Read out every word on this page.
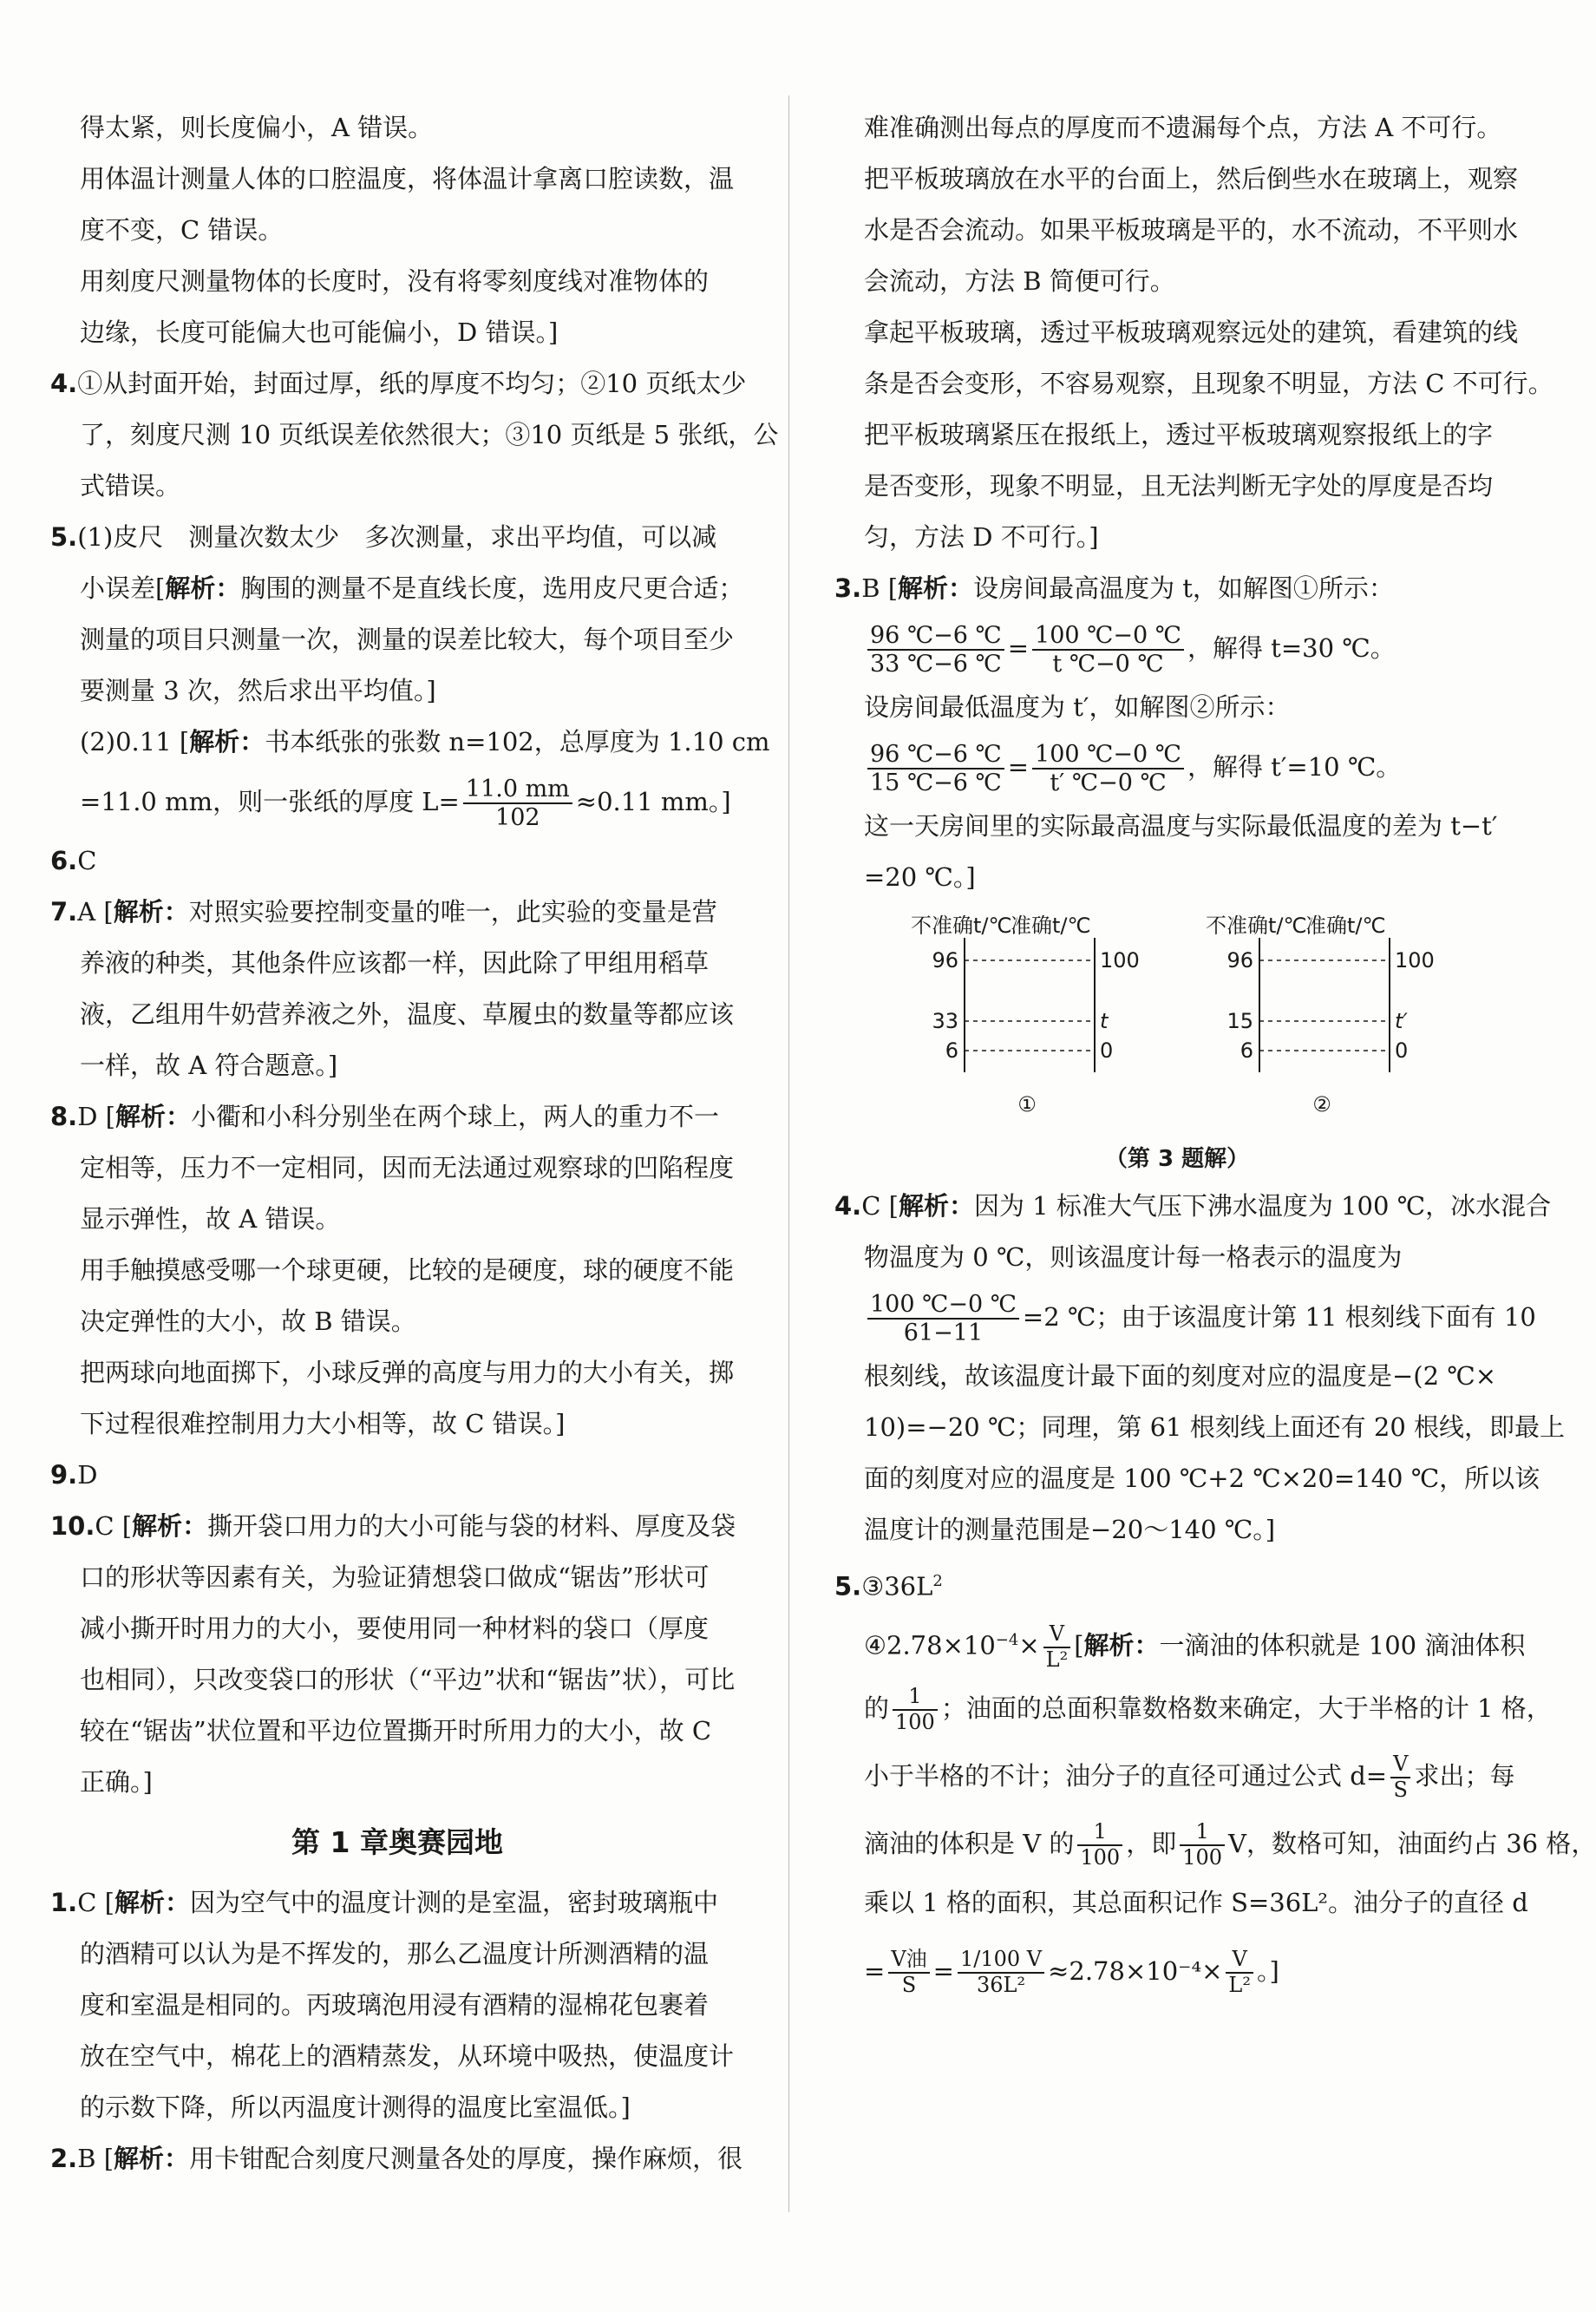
得太紧，则长度偏小，A 错误。
用体温计测量人体的口腔温度，将体温计拿离口腔读数，温
度不变，C 错误。
用刻度尺测量物体的长度时，没有将零刻度线对准物体的
边缘，长度可能偏大也可能偏小，D 错误。]
4.①从封面开始，封面过厚，纸的厚度不均匀；②10 页纸太少
了，刻度尺测 10 页纸误差依然很大；③10 页纸是 5 张纸，公
式错误。
5.(1)皮尺　测量次数太少　多次测量，求出平均值，可以减
小误差[解析：胸围的测量不是直线长度，选用皮尺更合适；
测量的项目只测量一次，测量的误差比较大，每个项目至少
要测量 3 次，然后求出平均值。]
(2)0.11 [解析：书本纸张的张数 n=102，总厚度为 1.10 cm
=11.0 mm，则一张纸的厚度 $L= \frac{11.0 mm}{102} \approx 0.11$ mm。]
6.C
7.A [解析：对照实验要控制变量的唯一，此实验的变量是营
养液的种类，其他条件应该都一样，因此除了甲组用稻草
液，乙组用牛奶营养液之外，温度、草履虫的数量等都应该
一样，故 A 符合题意。]
8.D [解析：小衢和小科分别坐在两个球上，两人的重力不一
定相等，压力不一定相同，因而无法通过观察球的凹陷程度
显示弹性，故 A 错误。
用手触摸感受哪一个球更硬，比较的是硬度，球的硬度不能
决定弹性的大小，故 B 错误。
把两球向地面掷下，小球反弹的高度与用力的大小有关，掷
下过程很难控制用力大小相等，故 C 错误。]
9.D
10.C [解析：撕开袋口用力的大小可能与袋的材料、厚度及袋
口的形状等因素有关，为验证猜想袋口做成“锯齿”形状可
减小撕开时用力的大小，要使用同一种材料的袋口（厚度
也相同），只改变袋口的形状（“平边”状和“锯齿”状），可比
较在“锯齿”状位置和平边位置撕开时所用力的大小，故 C
正确。]
第 1 章奥赛园地
1.C [解析：因为空气中的温度计测的是室温，密封玻璃瓶中
的酒精可以认为是不挥发的，那么乙温度计所测酒精的温
度和室温是相同的。丙玻璃泡用浸有酒精的湿棉花包裹着
放在空气中，棉花上的酒精蒸发，从环境中吸热，使温度计
的示数下降，所以丙温度计测得的温度比室温低。]
2.B [解析：用卡钳配合刻度尺测量各处的厚度，操作麻烦，很
难准确测出每点的厚度而不遗漏每个点，方法 A 不可行。
把平板玻璃放在水平的台面上，然后倒些水在玻璃上，观察
水是否会流动。如果平板玻璃是平的，水不流动，不平则水
会流动，方法 B 简便可行。
拿起平板玻璃，透过平板玻璃观察远处的建筑，看建筑的线
条是否会变形，不容易观察，且现象不明显，方法 C 不可行。
把平板玻璃紧压在报纸上，透过平板玻璃观察报纸上的字
是否变形，现象不明显，且无法判断无字处的厚度是否均
匀，方法 D 不可行。]
3.B [解析：设房间最高温度为 t，如解图①所示：
$\frac{96 ℃-6 ℃}{33 ℃-6 ℃} = \frac{100 ℃-0 ℃}{t ℃-0 ℃}$ ，解得 t=30 ℃。
设房间最低温度为 t′，如解图②所示：
$\frac{96 ℃-6 ℃}{15 ℃-6 ℃} = \frac{100 ℃-0 ℃}{t' ℃-0 ℃}$ ，解得 t′=10 ℃。
这一天房间里的实际最高温度与实际最低温度的差为 t−t′
=20 ℃。]
不准确t/℃
准确t/℃
96
33
6
100
t
0
①
不准确t/℃
准确t/℃
96
15
6
100
t′
0
②
（第 3 题解）
4.C [解析：因为 1 标准大气压下沸水温度为 100 ℃，冰水混合
物温度为 0 ℃，则该温度计每一格表示的温度为
$\frac{100 ℃-0 ℃}{61-11} =2$ ℃；由于该温度计第 11 根刻线下面有 10
根刻线，故该温度计最下面的刻度对应的温度是−(2 ℃×
10)=−20 ℃；同理，第 61 根刻线上面还有 20 根线，即最上
面的刻度对应的温度是 100 ℃+2 ℃×20=140 ℃，所以该
温度计的测量范围是−20～140 ℃。]
$5.③36L^2$
$④2.78\times 10^{-4}\times \frac{V}{\text{L²}}$ [解析：一滴油的体积就是 100 滴油体积
的 $\frac{1}{100}$ ；油面的总面积靠数格数来确定，大于半格的计 1 格，
小于半格的不计；油分子的直径可通过公式 $d= \frac{V}{S}$ 求出；每
滴油的体积是 V 的 $\frac{1}{100}$ ，即 $\frac{1}{100}$ V，数格可知，油面约占 36 格，
乘以 1 格的面积，其总面积记作 S=36L²。油分子的直径 d
= $\frac{\text{V油}}{S} = \frac{1/100 V}{\text{36L²}} \approx 2.78\times 10^{-4}\times \frac{V}{\text{L²}}$ 。]
